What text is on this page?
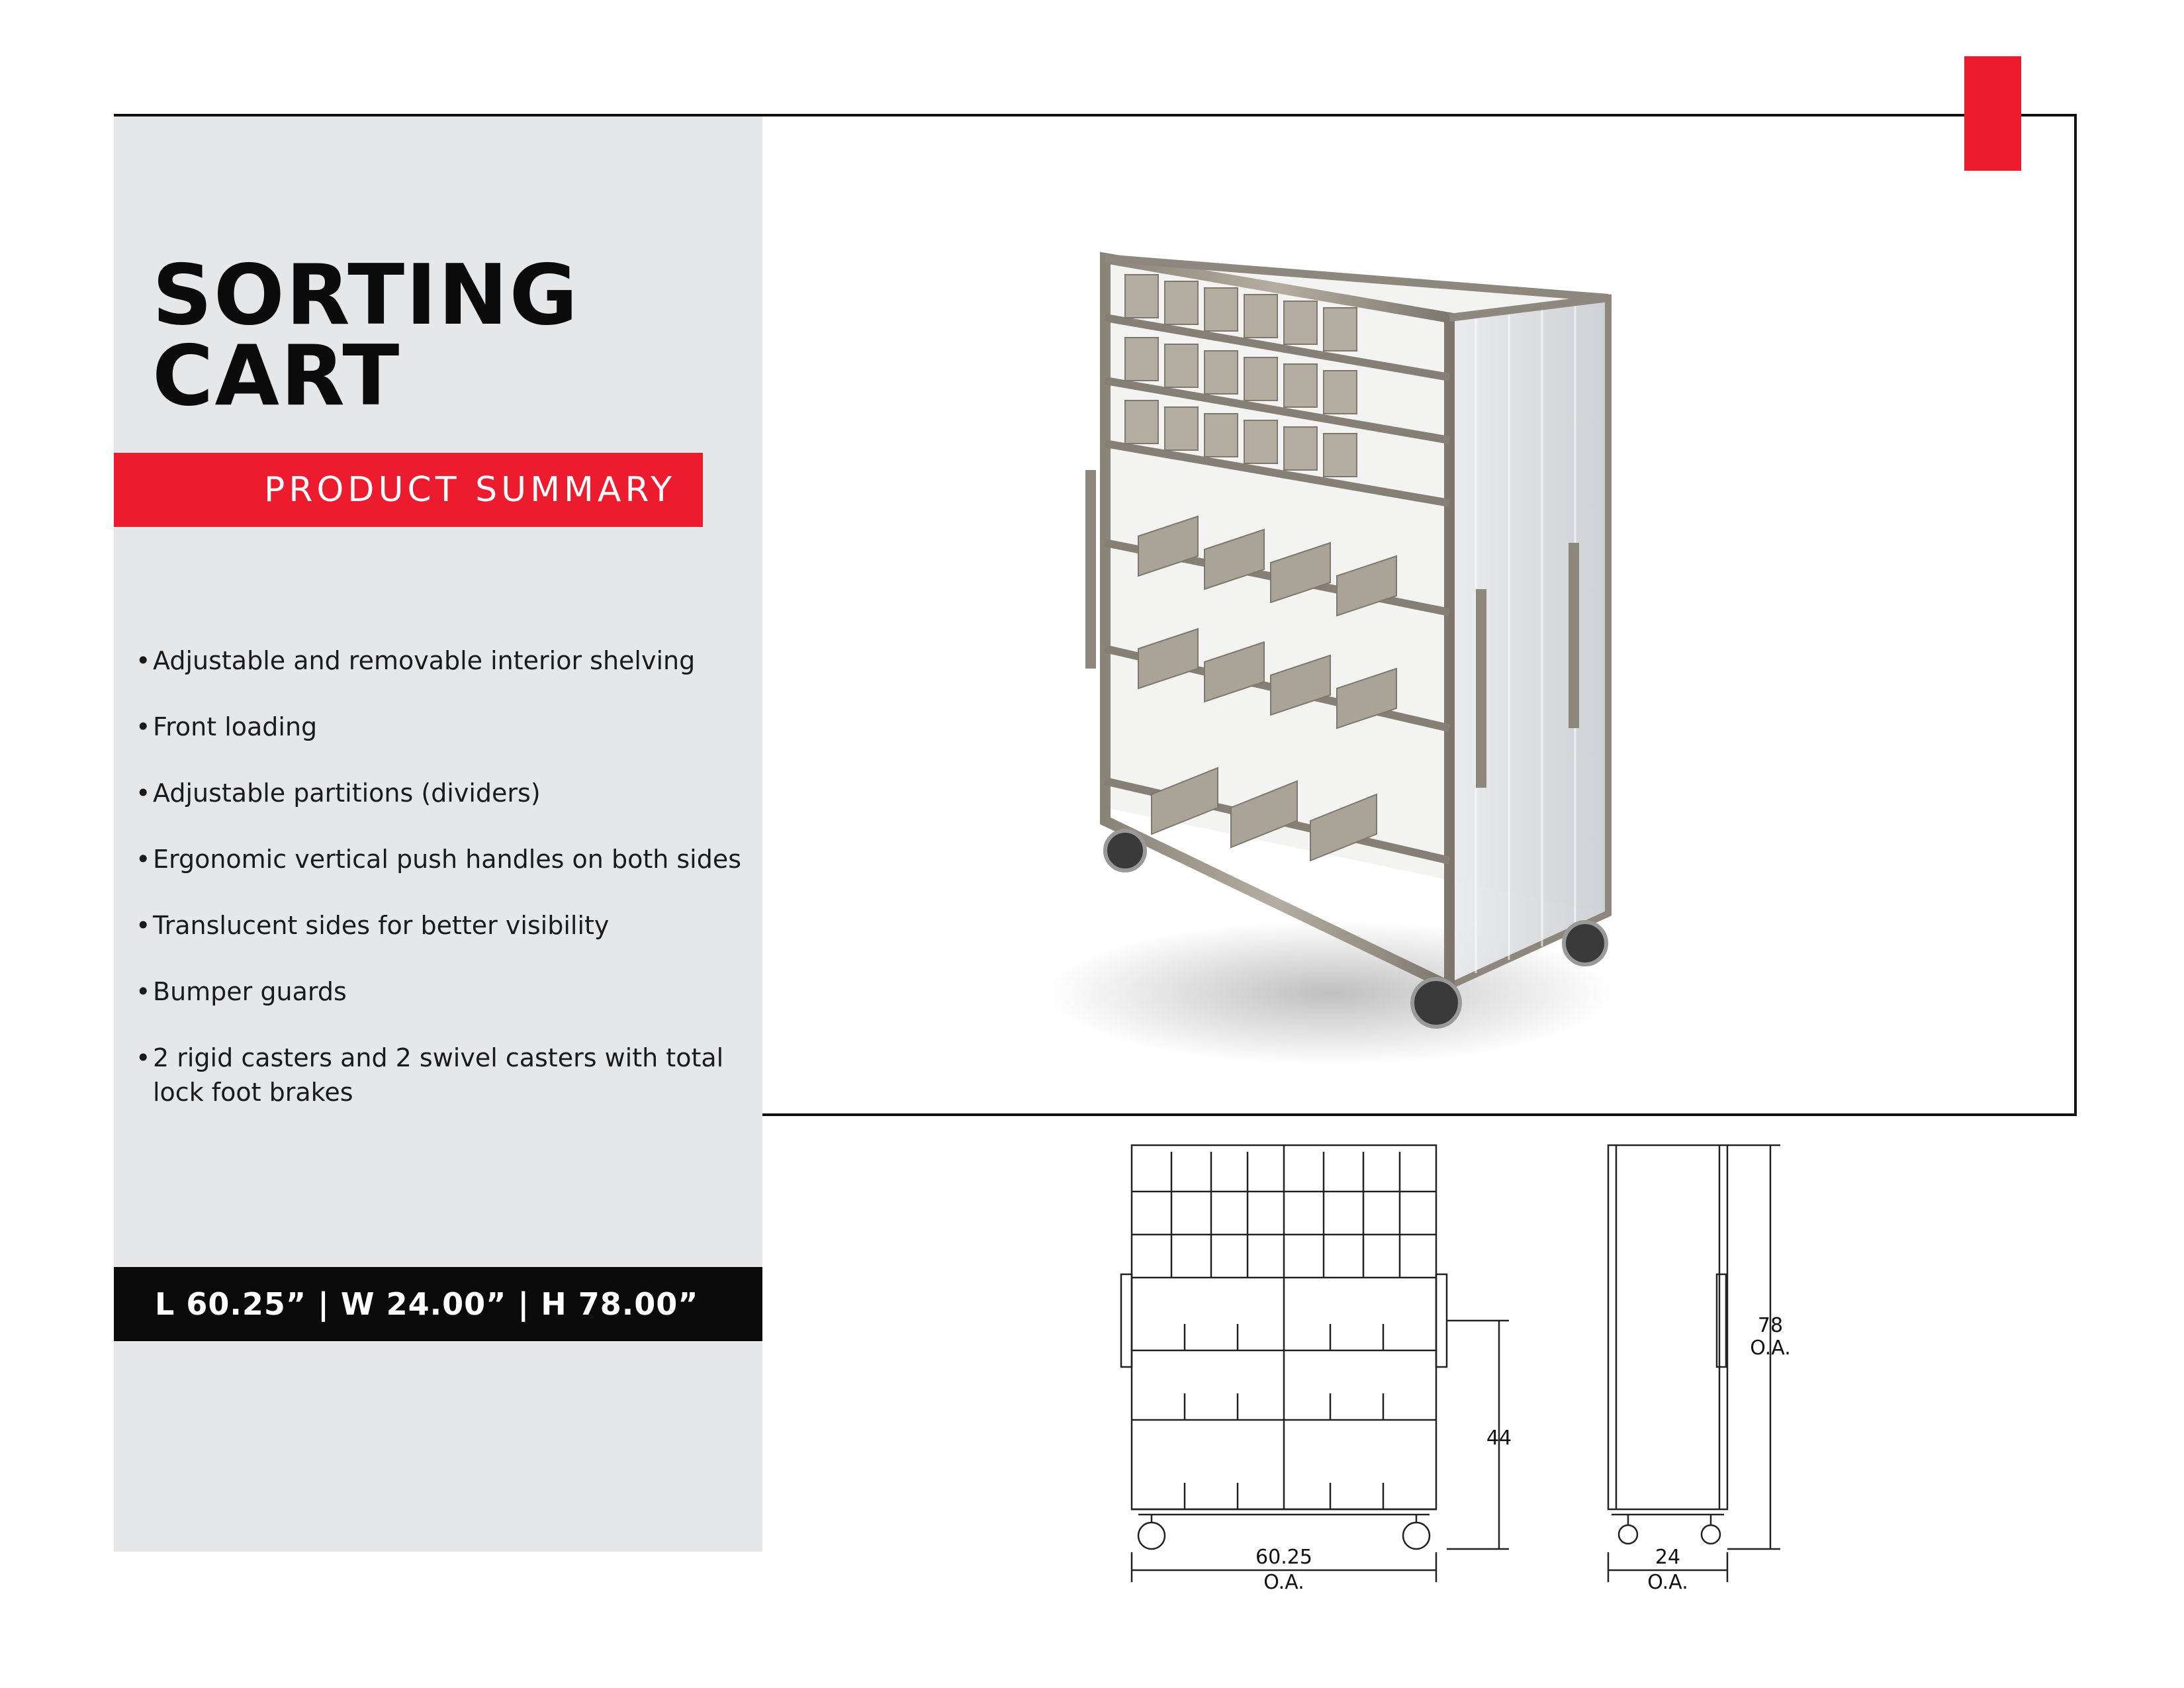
SORTING
CART
PRODUCT SUMMARY
• Adjustable and removable interior shelving
• Front loading
• Adjustable partitions (dividers)
• Ergonomic vertical push handles on both sides
• Translucent sides for better visibility
• Bumper guards
• 2 rigid casters and 2 swivel casters with total lock foot brakes
L 60.25” | W 24.00” | H 78.00”
60.25
O.A.
44
24
O.A.
78
O.A.
